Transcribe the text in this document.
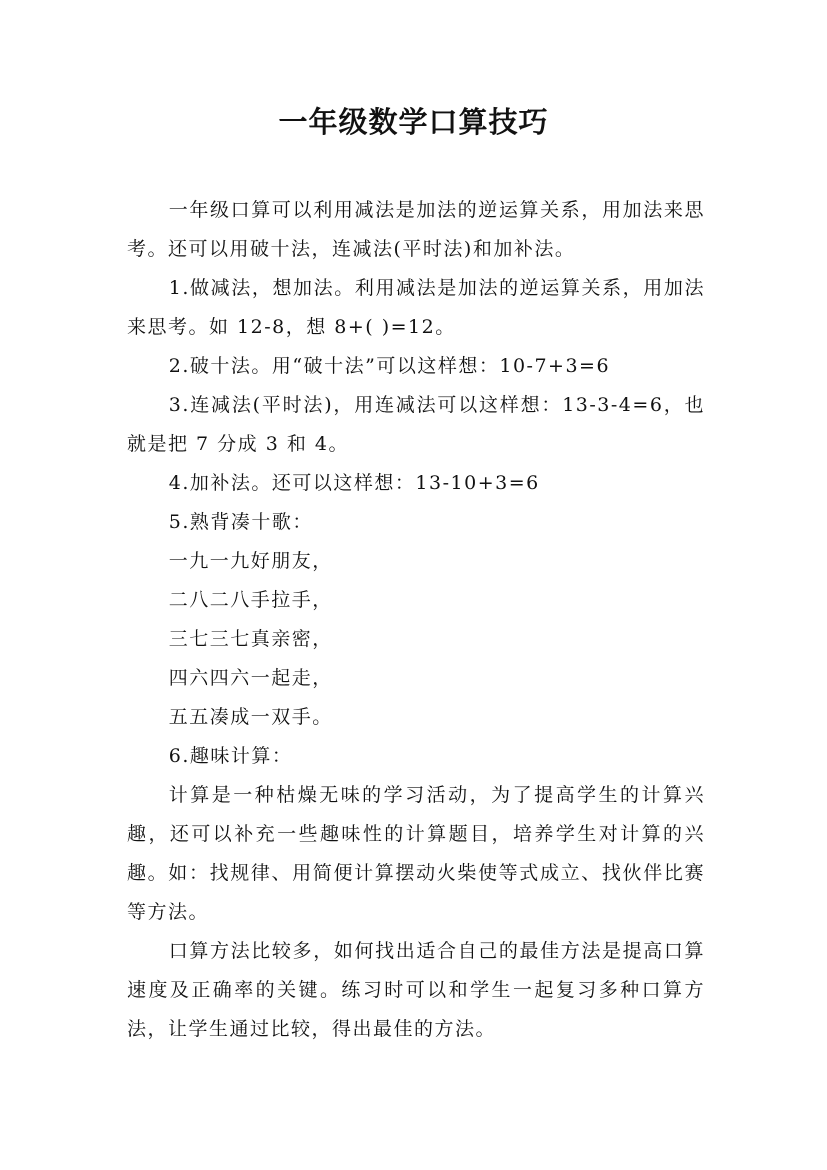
一年级数学口算技巧

一年级口算可以利用减法是加法的逆运算关系，用加法来思考。还可以用破十法，连减法(平时法)和加补法。

1.做减法，想加法。利用减法是加法的逆运算关系，用加法来思考。如 12-8，想 8+( )=12。

2.破十法。用“破十法”可以这样想：10-7+3=6

3.连减法(平时法)，用连减法可以这样想：13-3-4=6，也就是把 7 分成 3 和 4。

4.加补法。还可以这样想：13-10+3=6

5.熟背凑十歌：

一九一九好朋友，

二八二八手拉手，

三七三七真亲密，

四六四六一起走，

五五凑成一双手。

6.趣味计算：

计算是一种枯燥无味的学习活动，为了提高学生的计算兴趣，还可以补充一些趣味性的计算题目，培养学生对计算的兴趣。如：找规律、用简便计算摆动火柴使等式成立、找伙伴比赛等方法。

口算方法比较多，如何找出适合自己的最佳方法是提高口算速度及正确率的关键。练习时可以和学生一起复习多种口算方法，让学生通过比较，得出最佳的方法。
